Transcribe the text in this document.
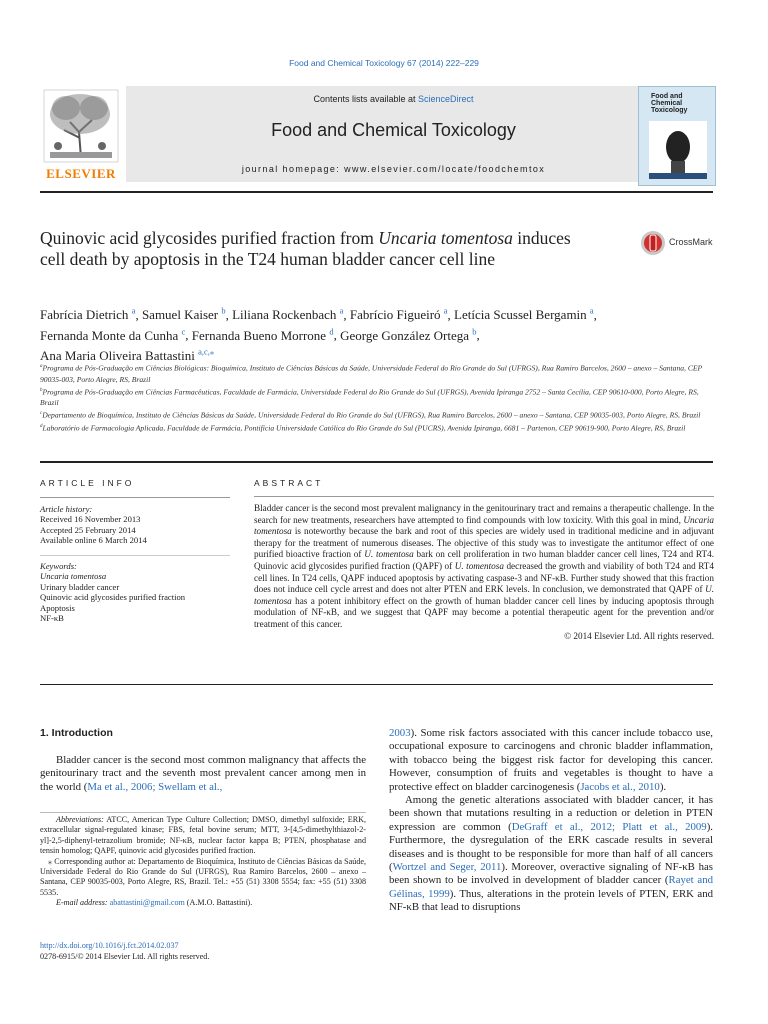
Food and Chemical Toxicology 67 (2014) 222–229
ELSEVIER
Contents lists available at ScienceDirect
Food and Chemical Toxicology
journal homepage: www.elsevier.com/locate/foodchemtox
Food and Chemical Toxicology
Quinovic acid glycosides purified fraction from Uncaria tomentosa induces cell death by apoptosis in the T24 human bladder cancer cell line
CrossMark
Fabrícia Dietrich $^a$, Samuel Kaiser $^b$, Liliana Rockenbach $^a$, Fabrício Figueiró $^a$, Letícia Scussel Bergamin $^a$,
Fernanda Monte da Cunha $^c$, Fernanda Bueno Morrone $^d$, George González Ortega $^b$,
Ana Maria Oliveira Battastini $^{a,c,⁎}$

$^a$Programa de Pós-Graduação em Ciências Biológicas: Bioquímica, Instituto de Ciências Básicas da Saúde, Universidade Federal do Rio Grande do Sul (UFRGS), Rua Ramiro Barcelos, 2600 – anexo – Santana, CEP 90035-003, Porto Alegre, RS, Brazil

$^b$Programa de Pós-Graduação em Ciências Farmacêuticas, Faculdade de Farmácia, Universidade Federal do Rio Grande do Sul (UFRGS), Avenida Ipiranga 2752 – Santa Cecília, CEP 90610-000, Porto Alegre, RS, Brazil

$^c$Departamento de Bioquímica, Instituto de Ciências Básicas da Saúde, Universidade Federal do Rio Grande do Sul (UFRGS), Rua Ramiro Barcelos, 2600 – anexo – Santana, CEP 90035-003, Porto Alegre, RS, Brazil

$^d$Laboratório de Farmacologia Aplicada, Faculdade de Farmácia, Pontifícia Universidade Católica do Rio Grande do Sul (PUCRS), Avenida Ipiranga, 6681 – Partenon, CEP 90619-900, Porto Alegre, RS, Brazil

ARTICLE INFO
Article history:
Received 16 November 2013
Accepted 25 February 2014
Available online 6 March 2014
Keywords:
Uncaria tomentosa
Urinary bladder cancer
Quinovic acid glycosides purified fraction
Apoptosis
NF-κB
ABSTRACT
Bladder cancer is the second most prevalent malignancy in the genitourinary tract and remains a therapeutic challenge. In the search for new treatments, researchers have attempted to find compounds with low toxicity. With this goal in mind, Uncaria tomentosa is noteworthy because the bark and root of this species are widely used in traditional medicine and in adjuvant therapy for the treatment of numerous diseases. The objective of this study was to investigate the antitumor effect of one purified bioactive fraction of U. tomentosa bark on cell proliferation in two human bladder cancer cell lines, T24 and RT4. Quinovic acid glycosides purified fraction (QAPF) of U. tomentosa decreased the growth and viability of both T24 and RT4 cell lines. In T24 cells, QAPF induced apoptosis by activating caspase-3 and NF-κB. Further study showed that this fraction does not induce cell cycle arrest and does not alter PTEN and ERK levels. In conclusion, we demonstrated that QAPF of U. tomentosa has a potent inhibitory effect on the growth of human bladder cancer cell lines by inducing apoptosis through modulation of NF-κB, and we suggest that QAPF may become a potential therapeutic agent for the prevention and/or treatment of this cancer.
© 2014 Elsevier Ltd. All rights reserved.
1. Introduction

Bladder cancer is the second most common malignancy that affects the genitourinary tract and the seventh most prevalent cancer among men in the world (Ma et al., 2006; Swellam et al.,

Abbreviations: ATCC, American Type Culture Collection; DMSO, dimethyl sulfoxide; ERK, extracellular signal-regulated kinase; FBS, fetal bovine serum; MTT, 3-[4,5-dimethylthiazol-2-yl]-2,5-diphenyl-tetrazolium bromide; NF-κB, nuclear factor kappa B; PTEN, phosphatase and tensin homolog; QAPF, quinovic acid glycosides purified fraction.

⁎ Corresponding author at: Departamento de Bioquímica, Instituto de Ciências Básicas da Saúde, Universidade Federal do Rio Grande do Sul (UFRGS), Rua Ramiro Barcelos, 2600 – anexo – Santana, CEP 90035-003, Porto Alegre, RS, Brazil. Tel.: +55 (51) 3308 5554; fax: +55 (51) 3308 5535.

E-mail address: abattastini@gmail.com (A.M.O. Battastini).

http://dx.doi.org/10.1016/j.fct.2014.02.037
0278-6915/© 2014 Elsevier Ltd. All rights reserved.

2003). Some risk factors associated with this cancer include tobacco use, occupational exposure to carcinogens and chronic bladder inflammation, with tobacco being the biggest risk factor for developing this cancer. However, consumption of fruits and vegetables is thought to have a protective effect on bladder carcinogenesis (Jacobs et al., 2010).

Among the genetic alterations associated with bladder cancer, it has been shown that mutations resulting in a reduction or deletion in PTEN expression are common (DeGraff et al., 2012; Platt et al., 2009). Furthermore, the dysregulation of the ERK cascade results in several diseases and is thought to be responsible for more than half of all cancers (Wortzel and Seger, 2011). Moreover, overactive signaling of NF-κB has been shown to be involved in development of bladder cancer (Rayet and Gélinas, 1999). Thus, alterations in the protein levels of PTEN, ERK and NF-κB that lead to disruptions
